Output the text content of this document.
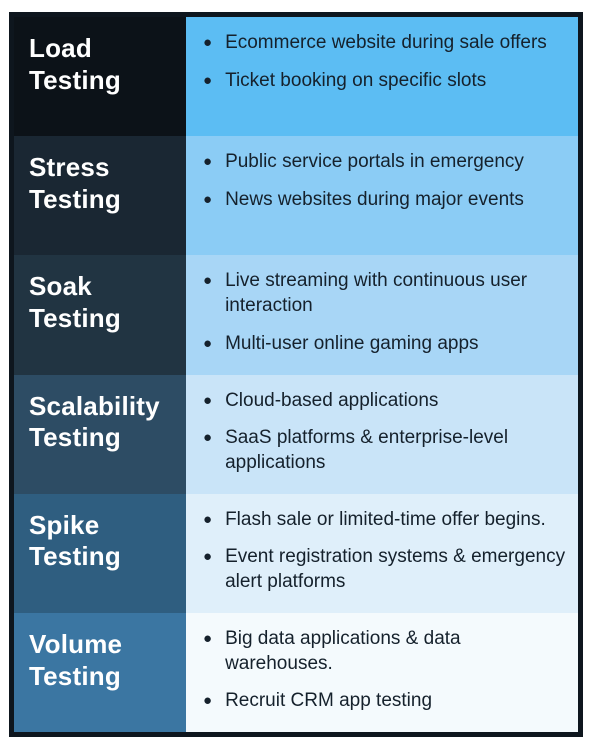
Load Testing
● Ecommerce website during sale offers
● Ticket booking on specific slots
Stress Testing
● Public service portals in emergency
● News websites during major events
Soak Testing
● Live streaming with continuous user interaction
● Multi-user online gaming apps
Scalability Testing
● Cloud-based applications
● SaaS platforms & enterprise-level applications
Spike Testing
● Flash sale or limited-time offer begins.
● Event registration systems & emergency alert platforms
Volume Testing
● Big data applications & data warehouses.
● Recruit CRM app testing
